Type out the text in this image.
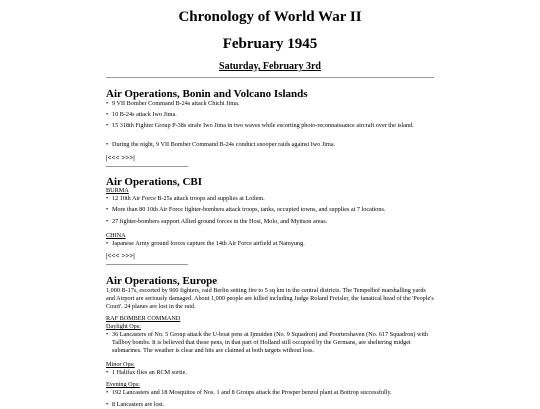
Chronology of World War II
February 1945
Saturday, February 3rd
Air Operations, Bonin and Volcano Islands
• 9 VII Bomber Command B-24s attack Chichi Jima.
• 10 B-24s attack Iwo Jima.
• 15 318th Fighter Group P-38s strafe Iwo Jima in two waves while escorting photo-reconnaissance aircraft over the island.
• During the night, 9 VII Bomber Command B-24s conduct snooper raids against Iwo Jima.
|<<< >>>|
Air Operations, CBI
BURMA
• 12 10th Air Force B-25s attack troops and supplies at Loilem.
• More than 80 10th Air Force fighter-bombers attack troops, tanks, occupied towns, and supplies at 7 locations.
• 27 fighter-bombers support Allied ground forces in the Hosi, Molo, and Myitson areas.
CHINA
• Japanese Army ground forces capture the 14th Air Force airfield at Namyung.
|<<< >>>|
Air Operations, Europe
1,000 B-17s, escorted by 900 fighters, raid Berlin setting fire to 5 sq km in the central districts. The Tempelhof marshalling yards and Airport are seriously damaged. About 1,000 people are killed including Judge Roland Freisler, the fanatical head of the 'People's Court'. 24 planes are lost in the raid.
RAF BOMBER COMMAND
Daylight Ops:
• 36 Lancasters of No. 5 Group attack the U-boat pens at Ijmuiden (No. 9 Squadron) and Poortershaven (No. 617 Squadron) with Tallboy bombs. It is believed that these pens, in that part of Holland still occupied by the Germans, are sheltering midget submarines. The weather is clear and hits are claimed at both targets without loss.
Minor Ops:
• 1 Halifax flies an RCM sortie.
Evening Ops:
• 192 Lancasters and 18 Mosquitos of Nos. 1 and 8 Groups attack the Prosper benzol plant at Bottrop successfully.
• 8 Lancasters are lost.
